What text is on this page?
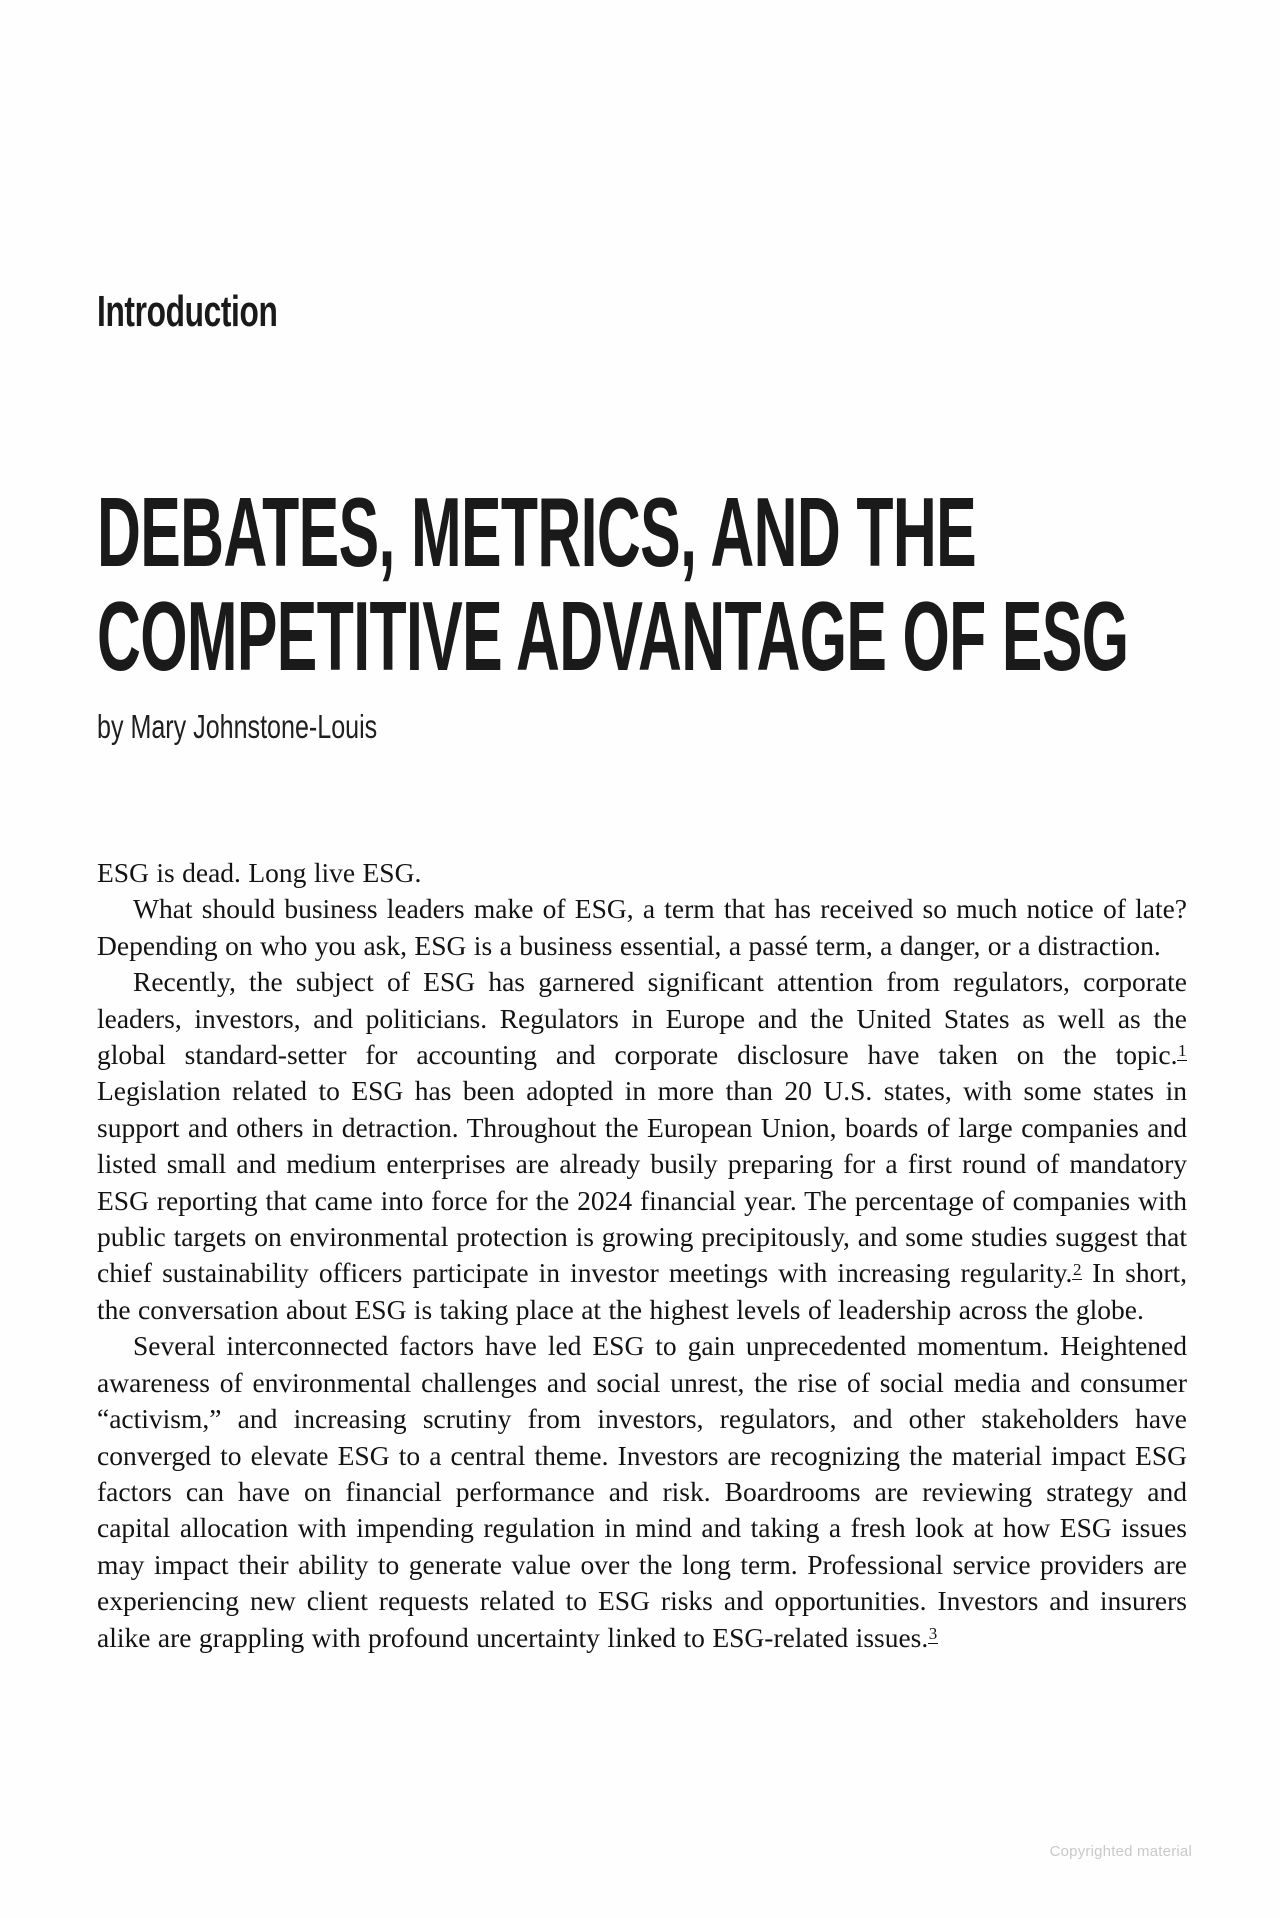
Introduction
DEBATES, METRICS, AND THE
COMPETITIVE ADVANTAGE OF ESG
by Mary Johnstone-Louis

ESG is dead. Long live ESG.

What should business leaders make of ESG, a term that has received so much notice of late? Depending on who you ask, ESG is a business essential, a passé term, a danger, or a distraction.

Recently, the subject of ESG has garnered significant attention from regulators, corporate leaders, investors, and politicians. Regulators in Europe and the United States as well as the global standard-setter for accounting and corporate disclosure have taken on the topic.$^1$ Legislation related to ESG has been adopted in more than 20 U.S. states, with some states in support and others in detraction. Throughout the European Union, boards of large companies and listed small and medium enterprises are already busily preparing for a first round of mandatory ESG reporting that came into force for the 2024 financial year. The percentage of companies with public targets on environmental protection is growing precipitously, and some studies suggest that chief sustainability officers participate in investor meetings with increasing regularity.$^2$ In short, the conversation about ESG is taking place at the highest levels of leadership across the globe.

Several interconnected factors have led ESG to gain unprecedented momentum. Heightened awareness of environmental challenges and social unrest, the rise of social media and consumer “activism,” and increasing scrutiny from investors, regulators, and other stakeholders have converged to elevate ESG to a central theme. Investors are recognizing the material impact ESG factors can have on financial performance and risk. Boardrooms are reviewing strategy and capital allocation with impending regulation in mind and taking a fresh look at how ESG issues may impact their ability to generate value over the long term. Professional service providers are experiencing new client requests related to ESG risks and opportunities. Investors and insurers alike are grappling with profound uncertainty linked to ESG-related issues.$^3$

Copyrighted material
